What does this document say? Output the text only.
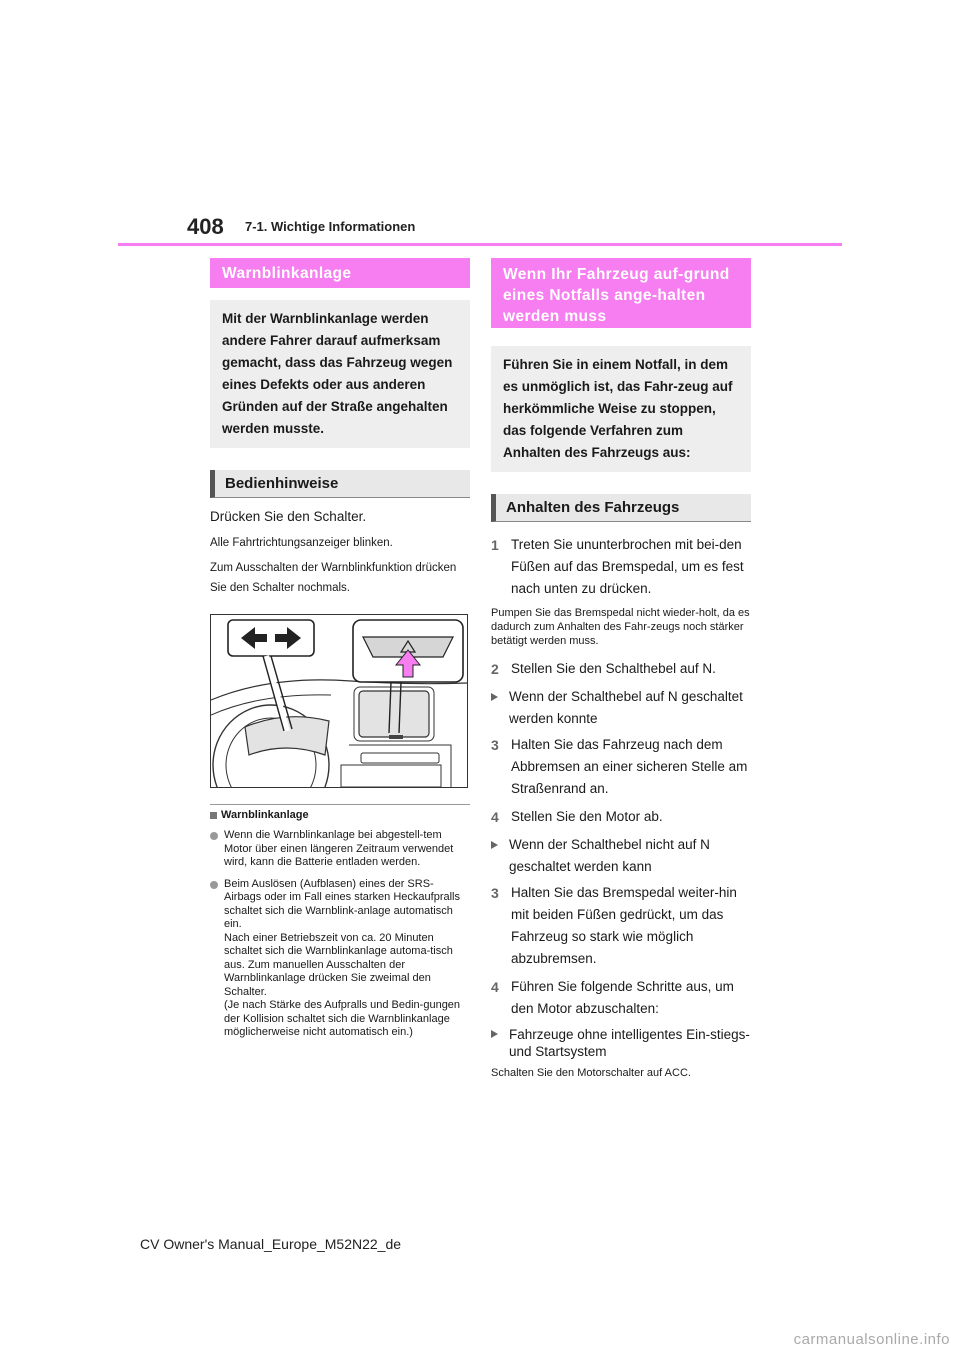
408 7-1. Wichtige Informationen
Warnblinkanlage
Mit der Warnblinkanlage werden andere Fahrer darauf aufmerksam gemacht, dass das Fahrzeug wegen eines Defekts oder aus anderen Gründen auf der Straße angehalten werden musste.
Bedienhinweise

Drücken Sie den Schalter.

Alle Fahrtrichtungsanzeiger blinken.

Zum Ausschalten der Warnblinkfunktion drücken Sie den Schalter nochmals.

Warnblinkanlage
Wenn die Warnblinkanlage bei abgestell-tem Motor über einen längeren Zeitraum verwendet wird, kann die Batterie entladen werden.
Beim Auslösen (Aufblasen) eines der SRS-Airbags oder im Fall eines starken Heckaufpralls schaltet sich die Warnblink-anlage automatisch ein.
Nach einer Betriebszeit von ca. 20 Minuten schaltet sich die Warnblinkanlage automa-tisch aus. Zum manuellen Ausschalten der Warnblinkanlage drücken Sie zweimal den Schalter.
(Je nach Stärke des Aufpralls und Bedin-gungen der Kollision schaltet sich die Warnblinkanlage möglicherweise nicht automatisch ein.)
Wenn Ihr Fahrzeug auf-grund eines Notfalls ange-halten werden muss
Führen Sie in einem Notfall, in dem es unmöglich ist, das Fahr-zeug auf herkömmliche Weise zu stoppen, das folgende Verfahren zum Anhalten des Fahrzeugs aus:
Anhalten des Fahrzeugs
1 Treten Sie ununterbrochen mit bei-den Füßen auf das Bremspedal, um es fest nach unten zu drücken.

Pumpen Sie das Bremspedal nicht wieder-holt, da es dadurch zum Anhalten des Fahr-zeugs noch stärker betätigt werden muss.

2 Stellen Sie den Schalthebel auf N.
Wenn der Schalthebel auf N geschaltet werden konnte
3 Halten Sie das Fahrzeug nach dem Abbremsen an einer sicheren Stelle am Straßenrand an.
4 Stellen Sie den Motor ab.
Wenn der Schalthebel nicht auf N geschaltet werden kann
3 Halten Sie das Bremspedal weiter-hin mit beiden Füßen gedrückt, um das Fahrzeug so stark wie möglich abzubremsen.
4 Führen Sie folgende Schritte aus, um den Motor abzuschalten:
Fahrzeuge ohne intelligentes Ein-stiegs- und Startsystem

Schalten Sie den Motorschalter auf ACC.

CV Owner's Manual_Europe_M52N22_de
carmanualsonline.info
